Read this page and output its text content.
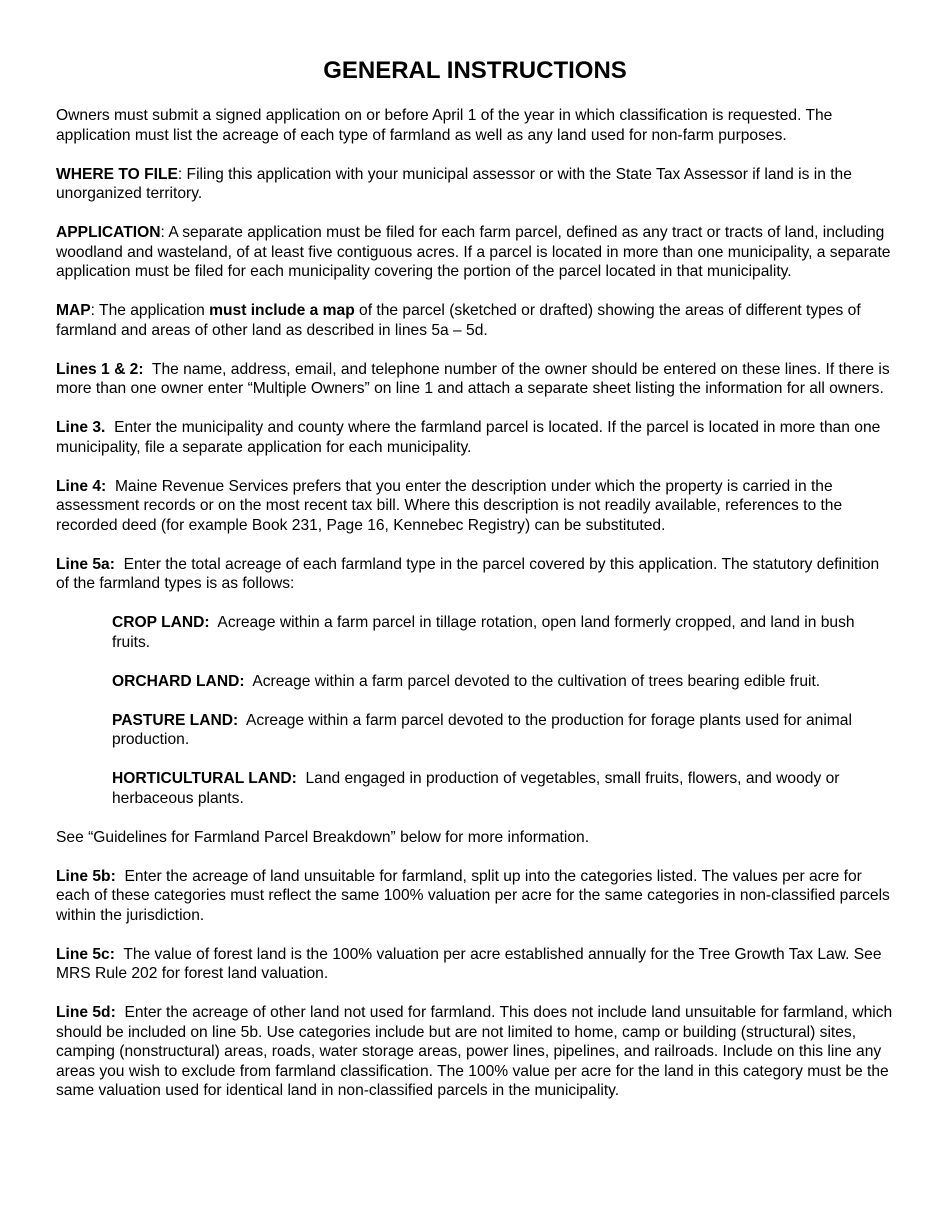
GENERAL INSTRUCTIONS

Owners must submit a signed application on or before April 1 of the year in which classification is requested. The application must list the acreage of each type of farmland as well as any land used for non-farm purposes.

WHERE TO FILE: Filing this application with your municipal assessor or with the State Tax Assessor if land is in the unorganized territory.

APPLICATION: A separate application must be filed for each farm parcel, defined as any tract or tracts of land, including woodland and wasteland, of at least five contiguous acres. If a parcel is located in more than one municipality, a separate application must be filed for each municipality covering the portion of the parcel located in that municipality.

MAP: The application must include a map of the parcel (sketched or drafted) showing the areas of different types of farmland and areas of other land as described in lines 5a – 5d.

Lines 1 & 2: The name, address, email, and telephone number of the owner should be entered on these lines. If there is more than one owner enter “Multiple Owners” on line 1 and attach a separate sheet listing the information for all owners.

Line 3. Enter the municipality and county where the farmland parcel is located. If the parcel is located in more than one municipality, file a separate application for each municipality.

Line 4: Maine Revenue Services prefers that you enter the description under which the property is carried in the assessment records or on the most recent tax bill. Where this description is not readily available, references to the recorded deed (for example Book 231, Page 16, Kennebec Registry) can be substituted.

Line 5a: Enter the total acreage of each farmland type in the parcel covered by this application. The statutory definition of the farmland types is as follows:

CROP LAND: Acreage within a farm parcel in tillage rotation, open land formerly cropped, and land in bush fruits.

ORCHARD LAND: Acreage within a farm parcel devoted to the cultivation of trees bearing edible fruit.

PASTURE LAND: Acreage within a farm parcel devoted to the production for forage plants used for animal production.

HORTICULTURAL LAND: Land engaged in production of vegetables, small fruits, flowers, and woody or herbaceous plants.

See “Guidelines for Farmland Parcel Breakdown” below for more information.

Line 5b: Enter the acreage of land unsuitable for farmland, split up into the categories listed. The values per acre for each of these categories must reflect the same 100% valuation per acre for the same categories in non-classified parcels within the jurisdiction.

Line 5c: The value of forest land is the 100% valuation per acre established annually for the Tree Growth Tax Law. See MRS Rule 202 for forest land valuation.

Line 5d: Enter the acreage of other land not used for farmland. This does not include land unsuitable for farmland, which should be included on line 5b. Use categories include but are not limited to home, camp or building (structural) sites, camping (nonstructural) areas, roads, water storage areas, power lines, pipelines, and railroads. Include on this line any areas you wish to exclude from farmland classification. The 100% value per acre for the land in this category must be the same valuation used for identical land in non-classified parcels in the municipality.
